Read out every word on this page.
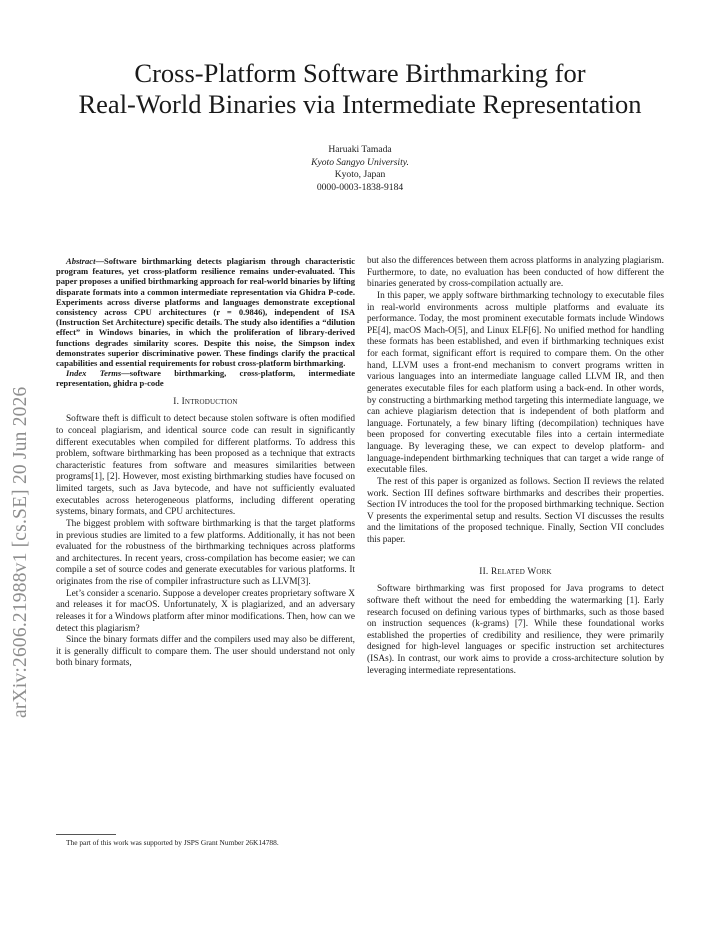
arXiv:2606.21988v1 [cs.SE] 20 Jun 2026
Cross-Platform Software Birthmarking for
Real-World Binaries via Intermediate Representation
Haruaki Tamada
Kyoto Sangyo University.
Kyoto, Japan
0000-0003-1838-9184

Abstract—Software birthmarking detects plagiarism through characteristic program features, yet cross-platform resilience remains under-evaluated. This paper proposes a unified birthmarking approach for real-world binaries by lifting disparate formats into a common intermediate representation via Ghidra P-code. Experiments across diverse platforms and languages demonstrate exceptional consistency across CPU architectures (r = 0.9846), independent of ISA (Instruction Set Architecture) specific details. The study also identifies a “dilution effect” in Windows binaries, in which the proliferation of library-derived functions degrades similarity scores. Despite this noise, the Simpson index demonstrates superior discriminative power. These findings clarify the practical capabilities and essential requirements for robust cross-platform birthmarking.

Index Terms—software birthmarking, cross-platform, intermediate representation, ghidra p-code

I. Introduction

Software theft is difficult to detect because stolen software is often modified to conceal plagiarism, and identical source code can result in significantly different executables when compiled for different platforms. To address this problem, software birthmarking has been proposed as a technique that extracts characteristic features from software and measures similarities between programs[1], [2]. However, most existing birthmarking studies have focused on limited targets, such as Java bytecode, and have not sufficiently evaluated executables across heterogeneous platforms, including different operating systems, binary formats, and CPU architectures.

The biggest problem with software birthmarking is that the target platforms in previous studies are limited to a few platforms. Additionally, it has not been evaluated for the robustness of the birthmarking techniques across platforms and architectures. In recent years, cross-compilation has become easier; we can compile a set of source codes and generate executables for various platforms. It originates from the rise of compiler infrastructure such as LLVM[3].

Let’s consider a scenario. Suppose a developer creates proprietary software X and releases it for macOS. Unfortunately, X is plagiarized, and an adversary releases it for a Windows platform after minor modifications. Then, how can we detect this plagiarism?

Since the binary formats differ and the compilers used may also be different, it is generally difficult to compare them. The user should understand not only both binary formats,

The part of this work was supported by JSPS Grant Number 26K14788.

but also the differences between them across platforms in analyzing plagiarism. Furthermore, to date, no evaluation has been conducted of how different the binaries generated by cross-compilation actually are.

In this paper, we apply software birthmarking technology to executable files in real-world environments across multiple platforms and evaluate its performance. Today, the most prominent executable formats include Windows PE[4], macOS Mach-O[5], and Linux ELF[6]. No unified method for handling these formats has been established, and even if birthmarking techniques exist for each format, significant effort is required to compare them. On the other hand, LLVM uses a front-end mechanism to convert programs written in various languages into an intermediate language called LLVM IR, and then generates executable files for each platform using a back-end. In other words, by constructing a birthmarking method targeting this intermediate language, we can achieve plagiarism detection that is independent of both platform and language. Fortunately, a few binary lifting (decompilation) techniques have been proposed for converting executable files into a certain intermediate language. By leveraging these, we can expect to develop platform- and language-independent birthmarking techniques that can target a wide range of executable files.

The rest of this paper is organized as follows. Section II reviews the related work. Section III defines software birthmarks and describes their properties. Section IV introduces the tool for the proposed birthmarking technique. Section V presents the experimental setup and results. Section VI discusses the results and the limitations of the proposed technique. Finally, Section VII concludes this paper.

II. Related Work

Software birthmarking was first proposed for Java programs to detect software theft without the need for embedding the watermarking [1]. Early research focused on defining various types of birthmarks, such as those based on instruction sequences (k-grams) [7]. While these foundational works established the properties of credibility and resilience, they were primarily designed for high-level languages or specific instruction set architectures (ISAs). In contrast, our work aims to provide a cross-architecture solution by leveraging intermediate representations.
